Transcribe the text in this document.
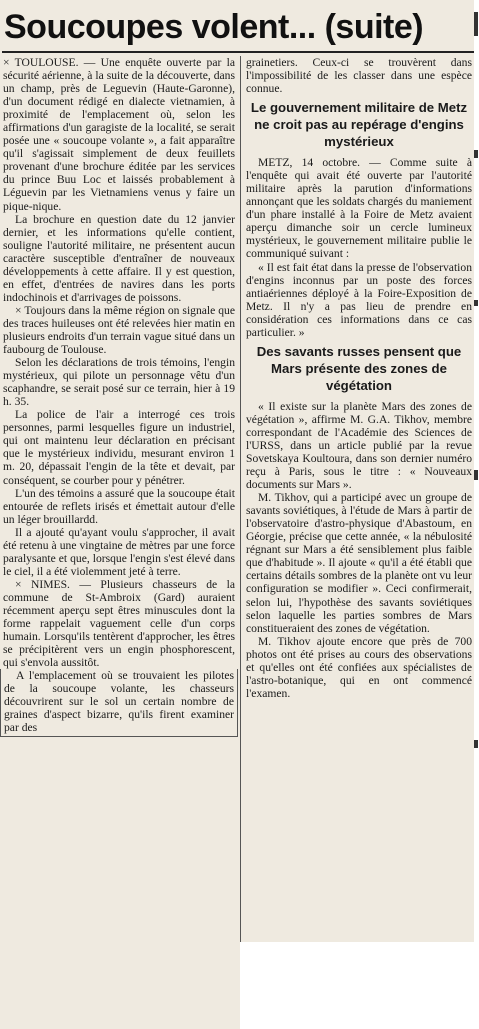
Soucoupes volent... (suite)

× TOULOUSE. — Une enquête ouverte par la sécurité aérienne, à la suite de la découverte, dans un champ, près de Leguevin (Haute-Garonne), d'un document rédigé en dialecte vietnamien, à proximité de l'emplacement où, selon les affirmations d'un garagiste de la localité, se serait posée une « soucoupe volante », a fait apparaître qu'il s'agissait simplement de deux feuillets provenant d'une brochure éditée par les services du prince Buu Loc et laissés probablement à Léguevin par les Vietnamiens venus y faire un pique-nique.

La brochure en question date du 12 janvier dernier, et les informations qu'elle contient, souligne l'autorité militaire, ne présentent aucun caractère susceptible d'entraîner de nouveaux développements à cette affaire. Il y est question, en effet, d'entrées de navires dans les ports indochinois et d'arrivages de poissons.

× Toujours dans la même région on signale que des traces huileuses ont été relevées hier matin en plusieurs endroits d'un terrain vague situé dans un faubourg de Toulouse.

Selon les déclarations de trois témoins, l'engin mystérieux, qui pilote un personnage vêtu d'un scaphandre, se serait posé sur ce terrain, hier à 19 h. 35.

La police de l'air a interrogé ces trois personnes, parmi lesquelles figure un industriel, qui ont maintenu leur déclaration en précisant que le mystérieux individu, mesurant environ 1 m. 20, dépassait l'engin de la tête et devait, par conséquent, se courber pour y pénétrer.

L'un des témoins a assuré que la soucoupe était entourée de reflets irisés et émettait autour d'elle un léger brouillardd.

Il a ajouté qu'ayant voulu s'approcher, il avait été retenu à une vingtaine de mètres par une force paralysante et que, lorsque l'engin s'est élevé dans le ciel, il a été violemment jeté à terre.

× NIMES. — Plusieurs chasseurs de la commune de St-Ambroix (Gard) auraient récemment aperçu sept êtres minuscules dont la forme rappelait vaguement celle d'un corps humain. Lorsqu'ils tentèrent d'approcher, les êtres se précipitèrent vers un engin phosphorescent, qui s'envola aussitôt.

A l'emplacement où se trouvaient les pilotes de la soucoupe volante, les chasseurs découvrirent sur le sol un certain nombre de graines d'aspect bizarre, qu'ils firent examiner par des

grainetiers. Ceux-ci se trouvèrent dans l'impossibilité de les classer dans une espèce connue.

Le gouvernement militaire de Metz ne croit pas au repérage d'engins mystérieux

METZ, 14 octobre. — Comme suite à l'enquête qui avait été ouverte par l'autorité militaire après la parution d'informations annonçant que les soldats chargés du maniement d'un phare installé à la Foire de Metz avaient aperçu dimanche soir un cercle lumineux mystérieux, le gouvernement militaire publie le communiqué suivant :

« Il est fait état dans la presse de l'observation d'engins inconnus par un poste des forces antiaériennes déployé à la Foire-Exposition de Metz. Il n'y a pas lieu de prendre en considération ces informations dans ce cas particulier. »

Des savants russes pensent que Mars présente des zones de végétation

« Il existe sur la planète Mars des zones de végétation », affirme M. G.A. Tikhov, membre correspondant de l'Académie des Sciences de l'URSS, dans un article publié par la revue Sovetskaya Koultoura, dans son dernier numéro reçu à Paris, sous le titre : « Nouveaux documents sur Mars ».

M. Tikhov, qui a participé avec un groupe de savants soviétiques, à l'étude de Mars à partir de l'observatoire d'astro-physique d'Abastoum, en Géorgie, précise que cette année, « la nébulosité régnant sur Mars a été sensiblement plus faible que d'habitude ». Il ajoute « qu'il a été établi que certains détails sombres de la planète ont vu leur configuration se modifier ». Ceci confirmerait, selon lui, l'hypothèse des savants soviétiques selon laquelle les parties sombres de Mars constitueraient des zones de végétation.

M. Tikhov ajoute encore que près de 700 photos ont été prises au cours des observations et qu'elles ont été confiées aux spécialistes de l'astro-botanique, qui en ont commencé l'examen.
